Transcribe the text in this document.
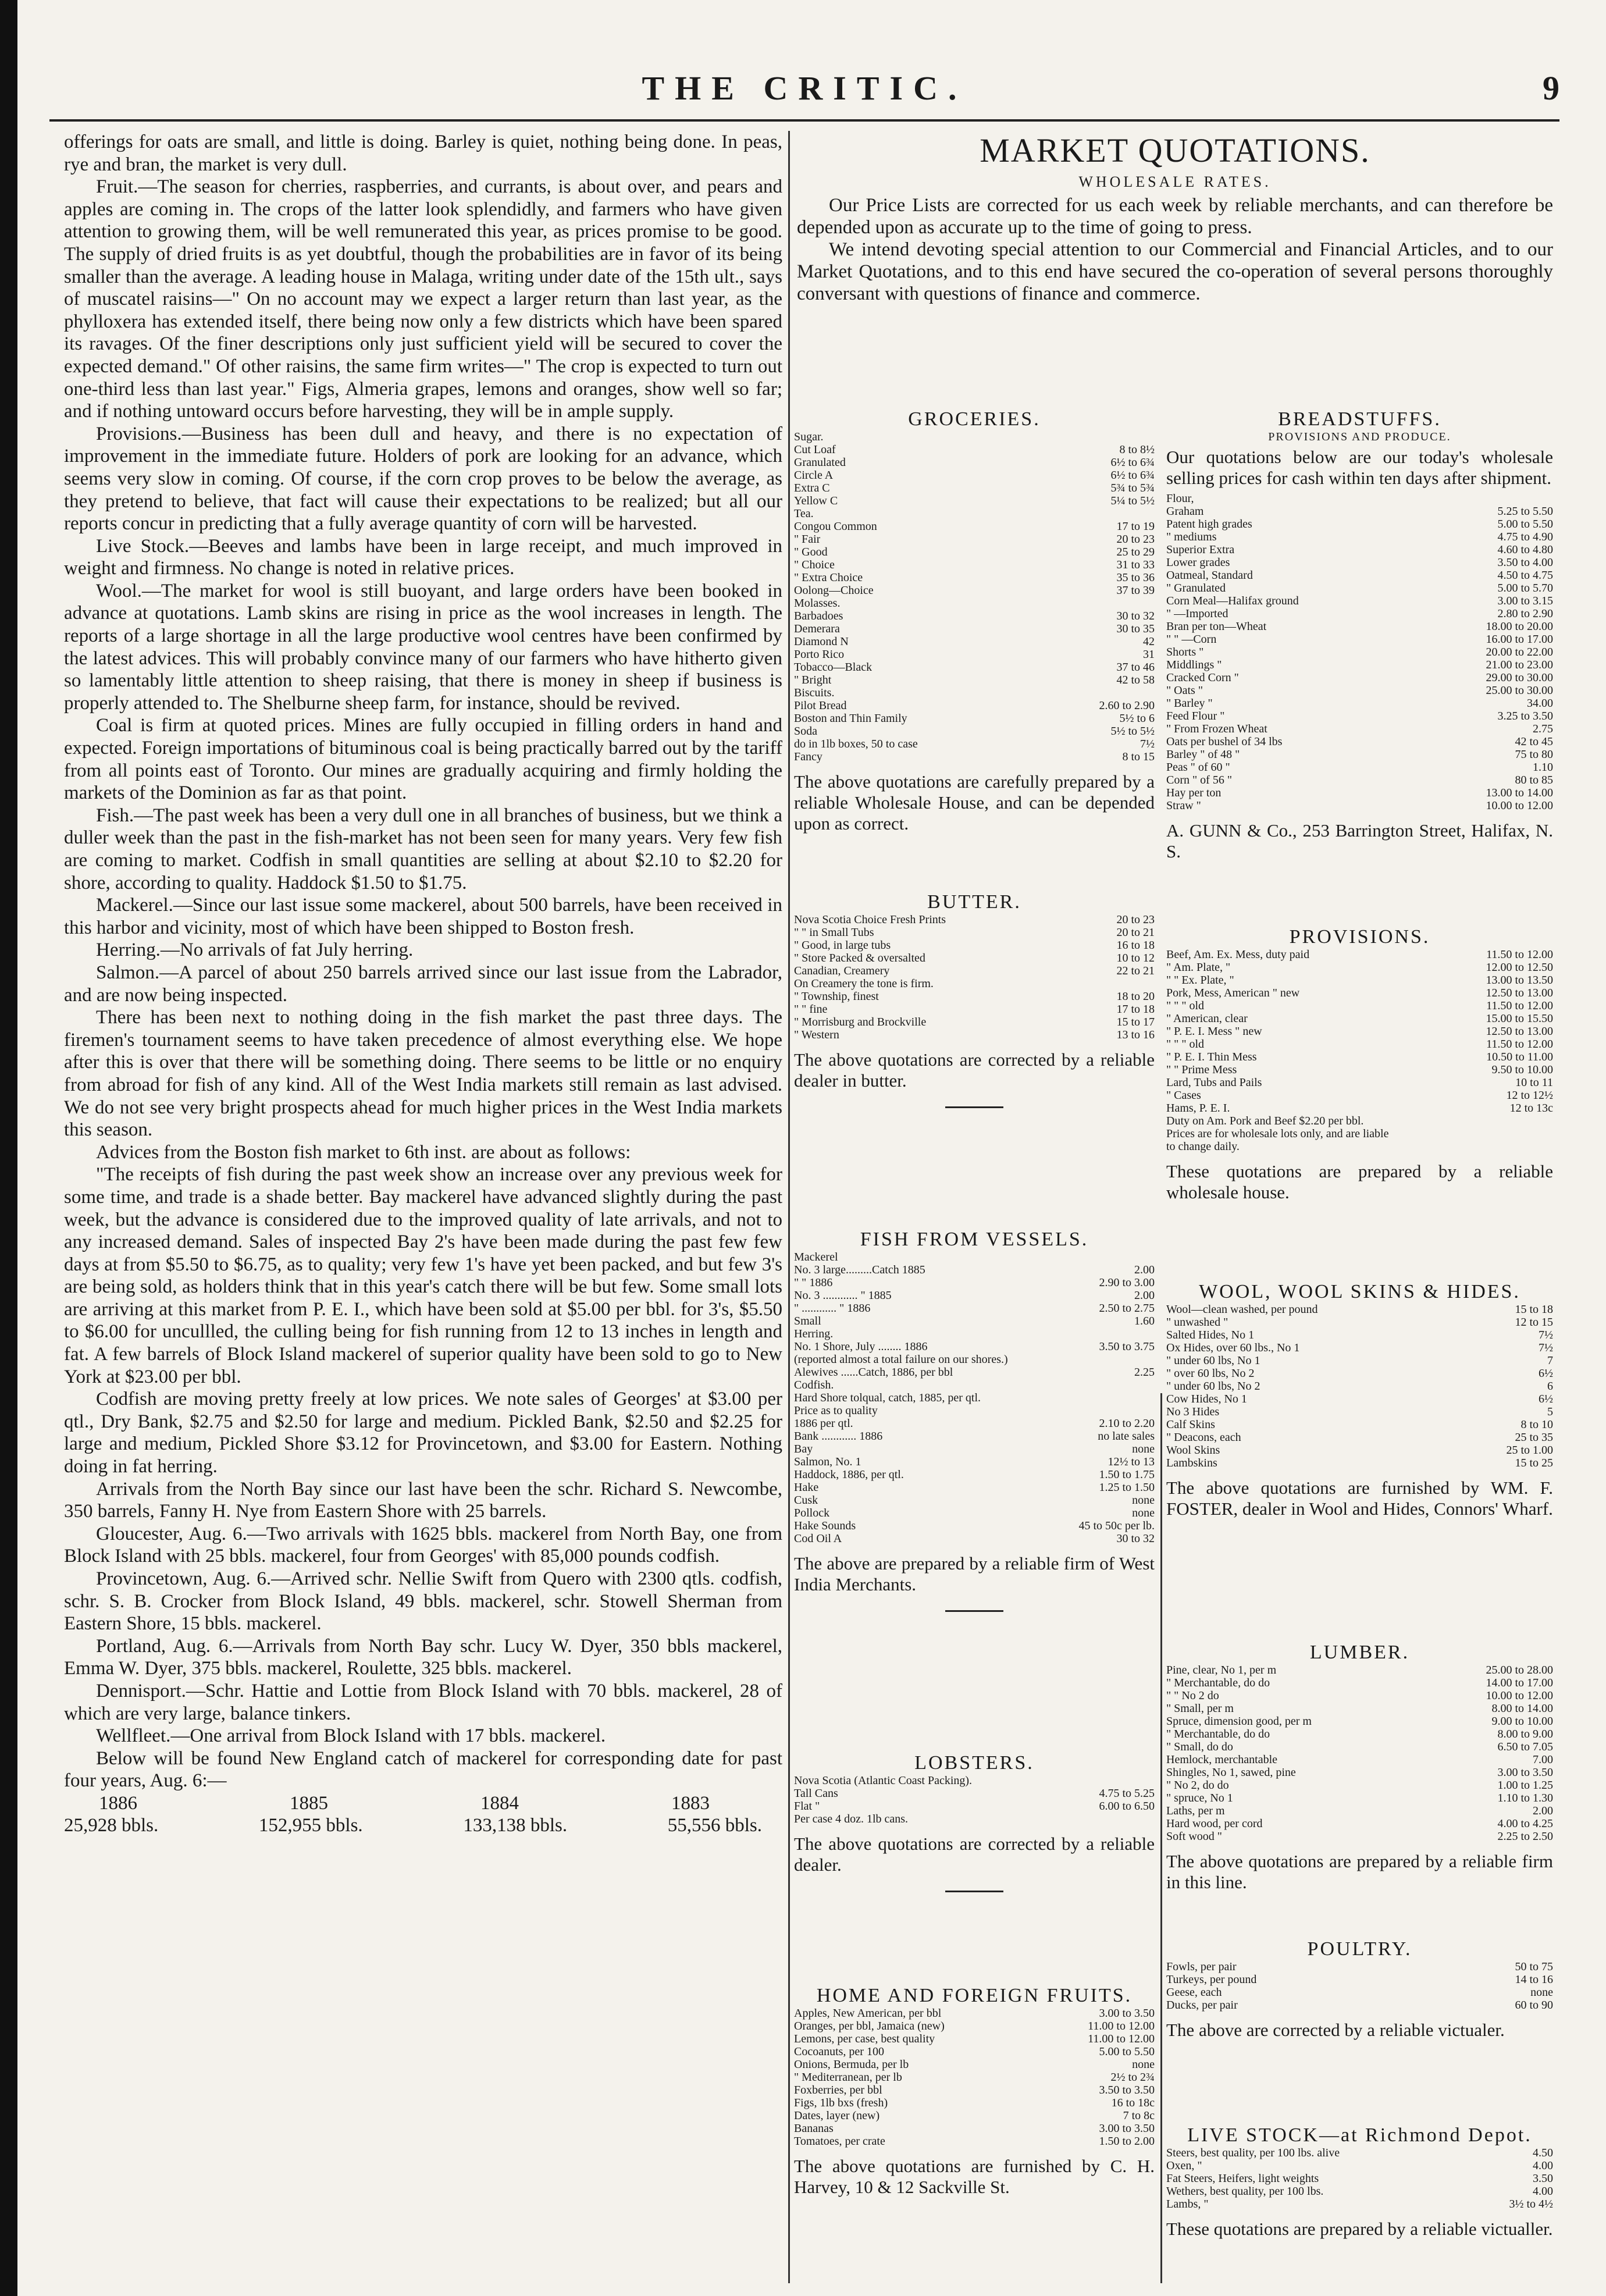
THE CRITIC.	9

offerings for oats are small, and little is doing. Barley is quiet, nothing being done. In peas, rye and bran, the market is very dull.

Fruit.—The season for cherries, raspberries, and currants, is about over, and pears and apples are coming in. The crops of the latter look splendidly, and farmers who have given attention to growing them, will be well remunerated this year, as prices promise to be good. The supply of dried fruits is as yet doubtful, though the probabilities are in favor of its being smaller than the average. A leading house in Malaga, writing under date of the 15th ult., says of muscatel raisins—" On no account may we expect a larger return than last year, as the phylloxera has extended itself, there being now only a few districts which have been spared its ravages. Of the finer descriptions only just sufficient yield will be secured to cover the expected demand." Of other raisins, the same firm writes—" The crop is expected to turn out one-third less than last year." Figs, Almeria grapes, lemons and oranges, show well so far; and if nothing untoward occurs before harvesting, they will be in ample supply.

Provisions.—Business has been dull and heavy, and there is no expectation of improvement in the immediate future. Holders of pork are looking for an advance, which seems very slow in coming. Of course, if the corn crop proves to be below the average, as they pretend to believe, that fact will cause their expectations to be realized; but all our reports concur in predicting that a fully average quantity of corn will be harvested.

Live Stock.—Beeves and lambs have been in large receipt, and much improved in weight and firmness. No change is noted in relative prices.

Wool.—The market for wool is still buoyant, and large orders have been booked in advance at quotations. Lamb skins are rising in price as the wool increases in length. The reports of a large shortage in all the large productive wool centres have been confirmed by the latest advices. This will probably convince many of our farmers who have hitherto given so lamentably little attention to sheep raising, that there is money in sheep if business is properly attended to. The Shelburne sheep farm, for instance, should be revived.

Coal is firm at quoted prices. Mines are fully occupied in filling orders in hand and expected. Foreign importations of bituminous coal is being practically barred out by the tariff from all points east of Toronto. Our mines are gradually acquiring and firmly holding the markets of the Dominion as far as that point.

Fish.—The past week has been a very dull one in all branches of business, but we think a duller week than the past in the fish-market has not been seen for many years. Very few fish are coming to market. Codfish in small quantities are selling at about $2.10 to $2.20 for shore, according to quality. Haddock $1.50 to $1.75.

Mackerel.—Since our last issue some mackerel, about 500 barrels, have been received in this harbor and vicinity, most of which have been shipped to Boston fresh.

Herring.—No arrivals of fat July herring.

Salmon.—A parcel of about 250 barrels arrived since our last issue from the Labrador, and are now being inspected.

There has been next to nothing doing in the fish market the past three days. The firemen's tournament seems to have taken precedence of almost everything else. We hope after this is over that there will be something doing. There seems to be little or no enquiry from abroad for fish of any kind. All of the West India markets still remain as last advised. We do not see very bright prospects ahead for much higher prices in the West India markets this season.

Advices from the Boston fish market to 6th inst. are about as follows:

"The receipts of fish during the past week show an increase over any previous week for some time, and trade is a shade better. Bay mackerel have advanced slightly during the past week, but the advance is considered due to the improved quality of late arrivals, and not to any increased demand. Sales of inspected Bay 2's have been made during the past few few days at from $5.50 to $6.75, as to quality; very few 1's have yet been packed, and but few 3's are being sold, as holders think that in this year's catch there will be but few. Some small lots are arriving at this market from P. E. I., which have been sold at $5.00 per bbl. for 3's, $5.50 to $6.00 for uncullled, the culling being for fish running from 12 to 13 inches in length and fat. A few barrels of Block Island mackerel of superior quality have been sold to go to New York at $23.00 per bbl.

Codfish are moving pretty freely at low prices. We note sales of Georges' at $3.00 per qtl., Dry Bank, $2.75 and $2.50 for large and medium. Pickled Bank, $2.50 and $2.25 for large and medium, Pickled Shore $3.12 for Provincetown, and $3.00 for Eastern. Nothing doing in fat herring.

Arrivals from the North Bay since our last have been the schr. Richard S. Newcombe, 350 barrels, Fanny H. Nye from Eastern Shore with 25 barrels.

Gloucester, Aug. 6.—Two arrivals with 1625 bbls. mackerel from North Bay, one from Block Island with 25 bbls. mackerel, four from Georges' with 85,000 pounds codfish.

Provincetown, Aug. 6.—Arrived schr. Nellie Swift from Quero with 2300 qtls. codfish, schr. S. B. Crocker from Block Island, 49 bbls. mackerel, schr. Stowell Sherman from Eastern Shore, 15 bbls. mackerel.

Portland, Aug. 6.—Arrivals from North Bay schr. Lucy W. Dyer, 350 bbls mackerel, Emma W. Dyer, 375 bbls. mackerel, Roulette, 325 bbls. mackerel.

Dennisport.—Schr. Hattie and Lottie from Block Island with 70 bbls. mackerel, 28 of which are very large, balance tinkers.

Wellfleet.—One arrival from Block Island with 17 bbls. mackerel.

Below will be found New England catch of mackerel for corresponding date for past four years, Aug. 6:—

1886	1885	1884	1883
25,928 bbls.	152,955 bbls.	133,138 bbls.	55,556 bbls.
MARKET QUOTATIONS.
WHOLESALE RATES.

Our Price Lists are corrected for us each week by reliable merchants, and can therefore be depended upon as accurate up to the time of going to press.

We intend devoting special attention to our Commercial and Financial Articles, and to our Market Quotations, and to this end have secured the co-operation of several persons thoroughly conversant with questions of finance and commerce.

GROCERIES.
Sugar.
Cut Loaf	8 to 8½
Granulated	6½ to 6¾
Circle A	6½ to 6¾
Extra C	5¾ to 5¾
Yellow C	5¼ to 5½
Tea.
Congou Common	17 to 19
" Fair	20 to 23
" Good	25 to 29
" Choice	31 to 33
" Extra Choice	35 to 36
Oolong—Choice	37 to 39
Molasses.
Barbadoes	30 to 32
Demerara	30 to 35
Diamond N	42
Porto Rico	31
Tobacco—Black	37 to 46
" Bright	42 to 58
Biscuits.
Pilot Bread	2.60 to 2.90
Boston and Thin Family	5½ to 6
Soda	5½ to 5½
do in 1lb boxes, 50 to case	7½
Fancy	8 to 15
The above quotations are carefully prepared by a reliable Wholesale House, and can be depended upon as correct.
BREADSTUFFS.
PROVISIONS AND PRODUCE.
Our quotations below are our today's wholesale selling prices for cash within ten days after shipment.
Flour,
Graham	5.25 to 5.50
Patent high grades	5.00 to 5.50
" mediums	4.75 to 4.90
Superior Extra	4.60 to 4.80
Lower grades	3.50 to 4.00
Oatmeal, Standard	4.50 to 4.75
" Granulated	5.00 to 5.70
Corn Meal—Halifax ground	3.00 to 3.15
" —Imported	2.80 to 2.90
Bran per ton—Wheat	18.00 to 20.00
" " —Corn	16.00 to 17.00
Shorts "	20.00 to 22.00
Middlings "	21.00 to 23.00
Cracked Corn "	29.00 to 30.00
" Oats "	25.00 to 30.00
" Barley "	34.00
Feed Flour "	3.25 to 3.50
" From Frozen Wheat	2.75
Oats per bushel of 34 lbs	42 to 45
Barley " of 48 "	75 to 80
Peas " of 60 "	1.10
Corn " of 56 "	80 to 85
Hay per ton	13.00 to 14.00
Straw "	10.00 to 12.00
A. GUNN & Co., 253 Barrington Street, Halifax, N. S.
BUTTER.
Nova Scotia Choice Fresh Prints	20 to 23
" " in Small Tubs	20 to 21
" Good, in large tubs	16 to 18
" Store Packed & oversalted	10 to 12
Canadian, Creamery	22 to 21
On Creamery the tone is firm.
" Township, finest	18 to 20
" " fine	17 to 18
" Morrisburg and Brockville	15 to 17
" Western	13 to 16
The above quotations are corrected by a reliable dealer in butter.
PROVISIONS.
Beef, Am. Ex. Mess, duty paid	11.50 to 12.00
" Am. Plate, "	12.00 to 12.50
" " Ex. Plate, "	13.00 to 13.50
Pork, Mess, American " new	12.50 to 13.00
" " " old	11.50 to 12.00
" American, clear	15.00 to 15.50
" P. E. I. Mess " new	12.50 to 13.00
" " " old	11.50 to 12.00
" P. E. I. Thin Mess	10.50 to 11.00
" " Prime Mess	9.50 to 10.00
Lard, Tubs and Pails	10 to 11
" Cases	12 to 12½
Hams, P. E. I.	12 to 13c
Duty on Am. Pork and Beef $2.20 per bbl.
Prices are for wholesale lots only, and are liable
to change daily.
These quotations are prepared by a reliable wholesale house.
FISH FROM VESSELS.
Mackerel
No. 3 large.........Catch 1885	2.00
" " 1886	2.90 to 3.00
No. 3 ............ " 1885	2.00
" ............ " 1886	2.50 to 2.75
Small	1.60
Herring.
No. 1 Shore, July ........ 1886	3.50 to 3.75
(reported almost a total failure on our shores.)
Alewives ......Catch, 1886, per bbl	2.25
Codfish.
Hard Shore tolqual, catch, 1885, per qtl.
Price as to quality
1886 per qtl.	2.10 to 2.20
Bank ............ 1886	no late sales
Bay	none
Salmon, No. 1	12½ to 13
Haddock, 1886, per qtl.	1.50 to 1.75
Hake	1.25 to 1.50
Cusk	none
Pollock	none
Hake Sounds	45 to 50c per lb.
Cod Oil A	30 to 32
The above are prepared by a reliable firm of West India Merchants.
WOOL, WOOL SKINS & HIDES.
Wool—clean washed, per pound	15 to 18
" unwashed "	12 to 15
Salted Hides, No 1	7½
Ox Hides, over 60 lbs., No 1	7½
" under 60 lbs, No 1	7
" over 60 lbs, No 2	6½
" under 60 lbs, No 2	6
Cow Hides, No 1	6½
No 3 Hides	5
Calf Skins	8 to 10
" Deacons, each	25 to 35
Wool Skins	25 to 1.00
Lambskins	15 to 25
The above quotations are furnished by WM. F. FOSTER, dealer in Wool and Hides, Connors' Wharf.
LUMBER.
Pine, clear, No 1, per m	25.00 to 28.00
" Merchantable, do do	14.00 to 17.00
" " No 2 do	10.00 to 12.00
" Small, per m	8.00 to 14.00
Spruce, dimension good, per m	9.00 to 10.00
" Merchantable, do do	8.00 to 9.00
" Small, do do	6.50 to 7.05
Hemlock, merchantable	7.00
Shingles, No 1, sawed, pine	3.00 to 3.50
" No 2, do do	1.00 to 1.25
" spruce, No 1	1.10 to 1.30
Laths, per m	2.00
Hard wood, per cord	4.00 to 4.25
Soft wood "	2.25 to 2.50
The above quotations are prepared by a reliable firm in this line.
LOBSTERS.
Nova Scotia (Atlantic Coast Packing).
Tall Cans	4.75 to 5.25
Flat "	6.00 to 6.50
Per case 4 doz. 1lb cans.
The above quotations are corrected by a reliable dealer.
POULTRY.
Fowls, per pair	50 to 75
Turkeys, per pound	14 to 16
Geese, each	none
Ducks, per pair	60 to 90
The above are corrected by a reliable victualer.
HOME AND FOREIGN FRUITS.
Apples, New American, per bbl	3.00 to 3.50
Oranges, per bbl, Jamaica (new)	11.00 to 12.00
Lemons, per case, best quality	11.00 to 12.00
Cocoanuts, per 100	5.00 to 5.50
Onions, Bermuda, per lb	none
" Mediterranean, per lb	2½ to 2¾
Foxberries, per bbl	3.50 to 3.50
Figs, 1lb bxs (fresh)	16 to 18c
Dates, layer (new)	7 to 8c
Bananas	3.00 to 3.50
Tomatoes, per crate	1.50 to 2.00
The above quotations are furnished by C. H. Harvey, 10 & 12 Sackville St.
LIVE STOCK—at Richmond Depot.
Steers, best quality, per 100 lbs. alive	4.50
Oxen, "	4.00
Fat Steers, Heifers, light weights	3.50
Wethers, best quality, per 100 lbs.	4.00
Lambs, "	3½ to 4½
These quotations are prepared by a reliable victualler.
